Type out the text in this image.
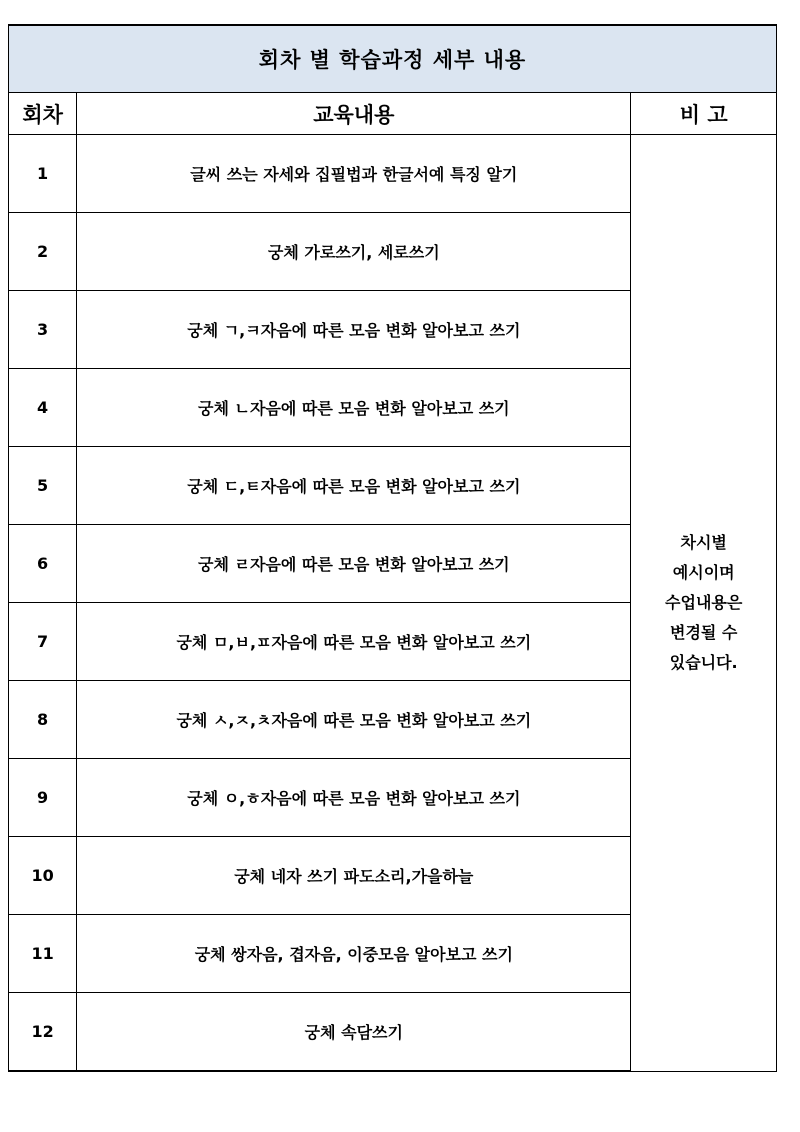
회차 별 학습과정 세부 내용		
회차	교육내용	비 고
1	글씨 쓰는 자세와 집필법과 한글서예 특징 알기	차시별
예시이며
수업내용은
변경될 수
있습니다.
2	궁체 가로쓰기, 세로쓰기	
3	궁체 ㄱ,ㅋ자음에 따른 모음 변화 알아보고 쓰기	
4	궁체 ㄴ자음에 따른 모음 변화 알아보고 쓰기	
5	궁체 ㄷ,ㅌ자음에 따른 모음 변화 알아보고 쓰기	
6	궁체 ㄹ자음에 따른 모음 변화 알아보고 쓰기	
7	궁체 ㅁ,ㅂ,ㅍ자음에 따른 모음 변화 알아보고 쓰기	
8	궁체 ㅅ,ㅈ,ㅊ자음에 따른 모음 변화 알아보고 쓰기	
9	궁체 ㅇ,ㅎ자음에 따른 모음 변화 알아보고 쓰기	
10	궁체 네자 쓰기 파도소리,가을하늘	
11	궁체 쌍자음, 겹자음, 이중모음 알아보고 쓰기	
12	궁체 속담쓰기	
